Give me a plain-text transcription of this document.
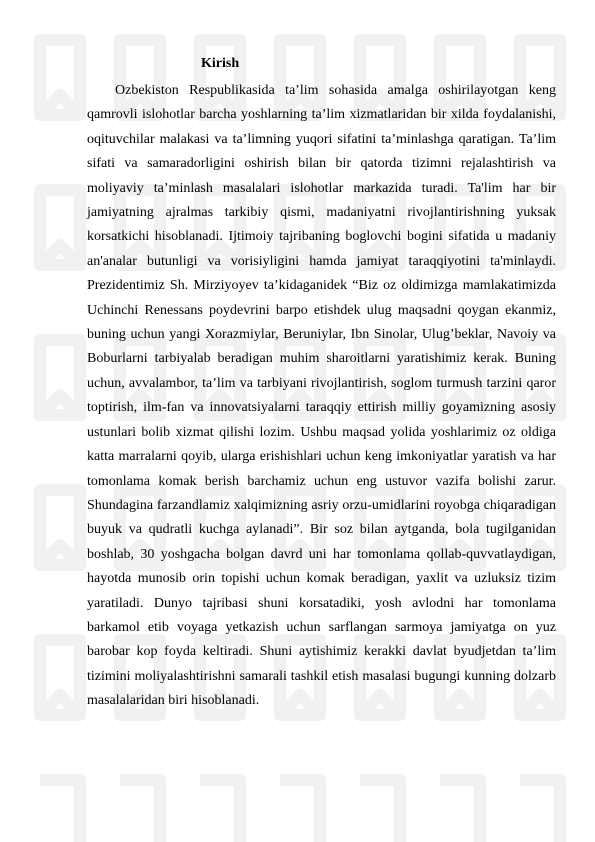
Kirish

Ozbekiston Respublikasida ta’lim sohasida amalga oshirilayotgan keng qamrovli islohotlar barcha yoshlarning ta’lim xizmatlaridan bir xilda foydalanishi, oqituvchilar malakasi va ta’limning yuqori sifatini ta’minlashga qaratigan. Ta’lim sifati va samaradorligini oshirish bilan bir qatorda tizimni rejalashtirish va moliyaviy ta’minlash masalalari islohotlar markazida turadi. Ta'lim har bir jamiyatning ajralmas tarkibiy qismi, madaniyatni rivojlantirishning yuksak korsatkichi hisoblanadi. Ijtimoiy tajribaning boglovchi bogini sifatida u madaniy an'analar butunligi va vorisiyligini hamda jamiyat taraqqiyotini ta'minlaydi. Prezidentimiz Sh. Mirziyoyev ta’kidaganidek “Biz oz oldimizga mamlakatimizda Uchinchi Renessans poydevrini barpo etishdek ulug maqsadni qoygan ekanmiz, buning uchun yangi Xorazmiylar, Beruniylar, Ibn Sinolar, Ulug’beklar, Navoiy va Boburlarni tarbiyalab beradigan muhim sharoitlarni yaratishimiz kerak. Buning uchun, avvalambor, ta’lim va tarbiyani rivojlantirish, soglom turmush tarzini qaror toptirish, ilm-fan va innovatsiyalarni taraqqiy ettirish milliy goyamizning asosiy ustunlari bolib xizmat qilishi lozim. Ushbu maqsad yolida yoshlarimiz oz oldiga katta marralarni qoyib, ularga erishishlari uchun keng imkoniyatlar yaratish va har tomonlama komak berish barchamiz uchun eng ustuvor vazifa bolishi zarur. Shundagina farzandlamiz xalqimizning asriy orzu-umidlarini royobga chiqaradigan buyuk va qudratli kuchga aylanadi”. Bir soz bilan aytganda, bola tugilganidan boshlab, 30 yoshgacha bolgan davrd uni har tomonlama qollab-quvvatlaydigan, hayotda munosib orin topishi uchun komak beradigan, yaxlit va uzluksiz tizim yaratiladi. Dunyo tajribasi shuni korsatadiki, yosh avlodni har tomonlama barkamol etib voyaga yetkazish uchun sarflangan sarmoya jamiyatga on yuz barobar kop foyda keltiradi. Shuni aytishimiz kerakki davlat byudjetdan ta’lim tizimini moliyalashtirishni samarali tashkil etish masalasi bugungi kunning dolzarb masalalaridan biri hisoblanadi.
